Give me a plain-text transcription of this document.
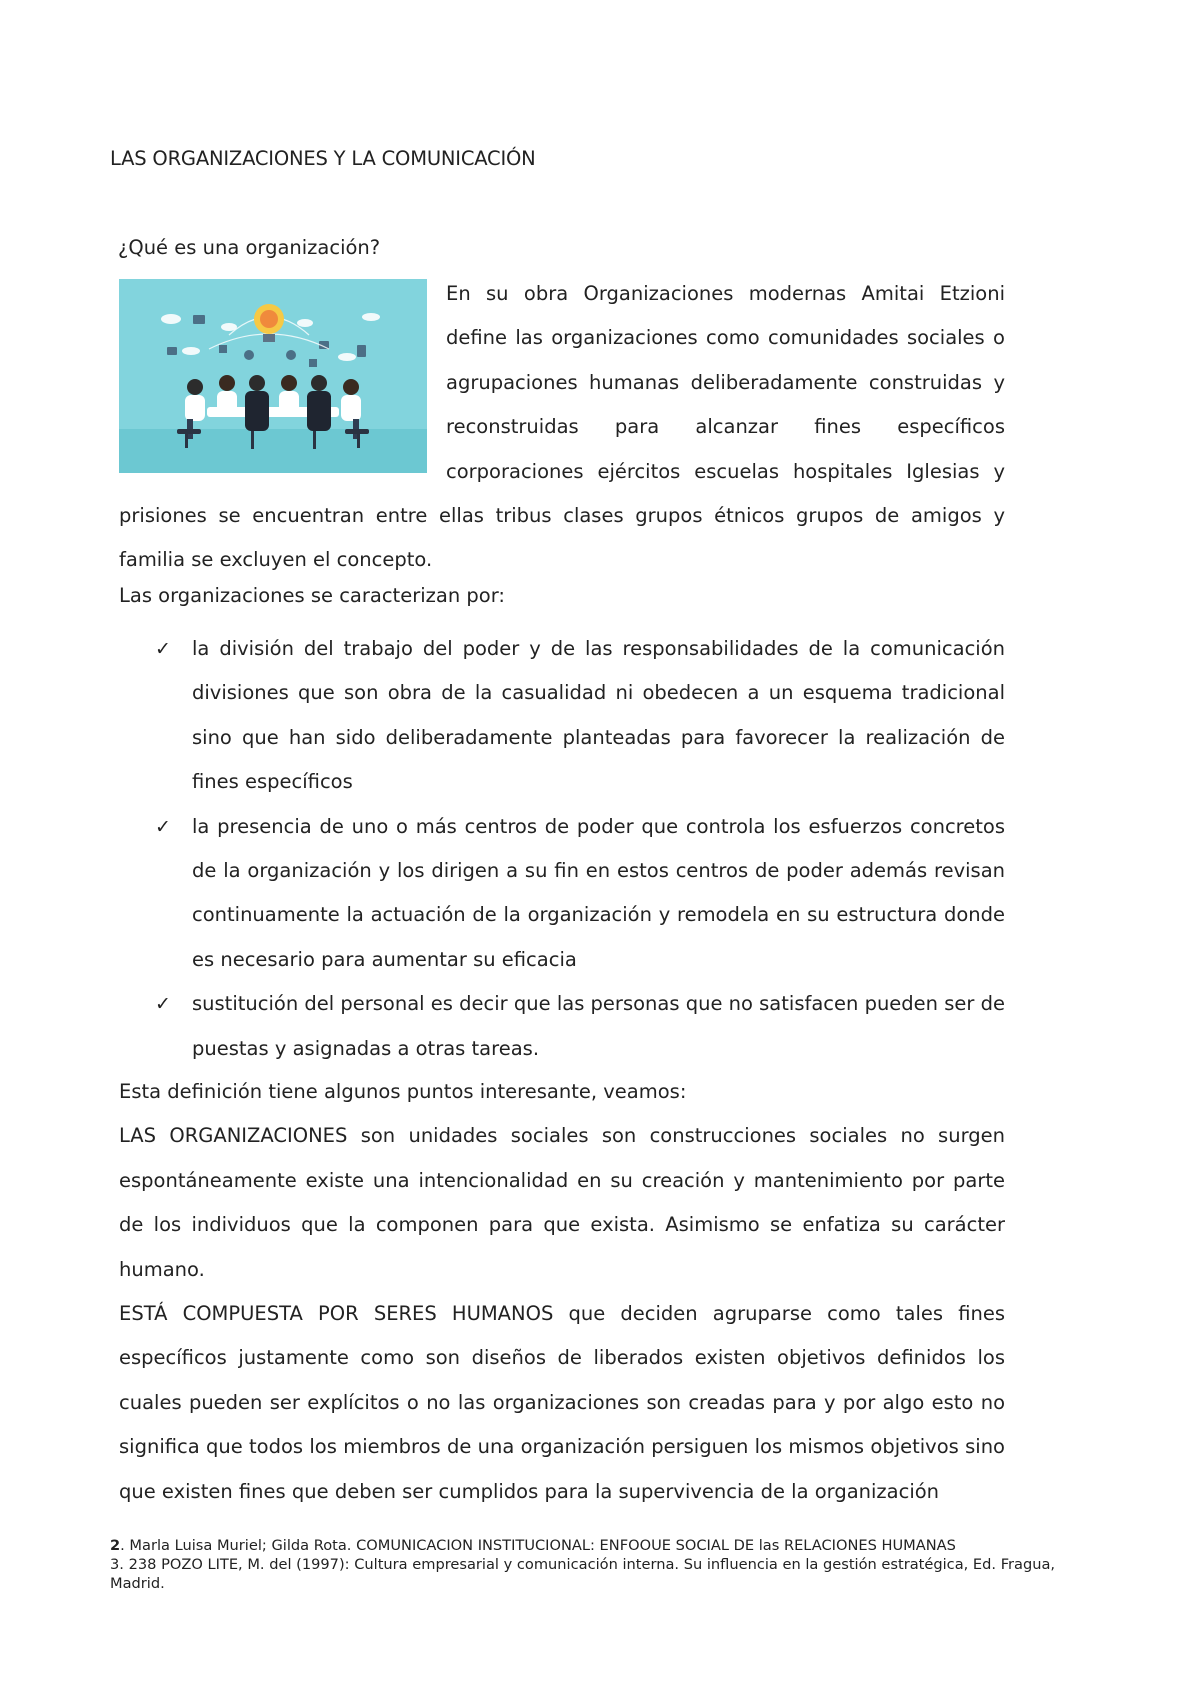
LAS ORGANIZACIONES Y LA COMUNICACIÓN
¿Qué es una organización?

En su obra Organizaciones modernas Amitai Etzioni define las organizaciones como comunidades sociales o agrupaciones humanas deliberadamente construidas y reconstruidas para alcanzar fines específicos corporaciones ejércitos escuelas hospitales Iglesias y prisiones se encuentran entre ellas tribus clases grupos étnicos grupos de amigos y familia se excluyen el concepto.

Las organizaciones se caracterizan por:
✓ la división del trabajo del poder y de las responsabilidades de la comunicación divisiones que son obra de la casualidad ni obedecen a un esquema tradicional sino que han sido deliberadamente planteadas para favorecer la realización de fines específicos
✓ la presencia de uno o más centros de poder que controla los esfuerzos concretos de la organización y los dirigen a su fin en estos centros de poder además revisan continuamente la actuación de la organización y remodela en su estructura donde es necesario para aumentar su eficacia
✓ sustitución del personal es decir que las personas que no satisfacen pueden ser de puestas y asignadas a otras tareas.

Esta definición tiene algunos puntos interesante, veamos:

LAS ORGANIZACIONES son unidades sociales son construcciones sociales no surgen espontáneamente existe una intencionalidad en su creación y mantenimiento por parte de los individuos que la componen para que exista. Asimismo se enfatiza su carácter humano.

ESTÁ COMPUESTA POR SERES HUMANOS que deciden agruparse como tales fines específicos justamente como son diseños de liberados existen objetivos definidos los cuales pueden ser explícitos o no las organizaciones son creadas para y por algo esto no significa que todos los miembros de una organización persiguen los mismos objetivos sino que existen fines que deben ser cumplidos para la supervivencia de la organización

2. Marla Luisa Muriel; Gilda Rota. COMUNICACION INSTITUCIONAL: ENFOOUE SOCIAL DE las RELACIONES HUMANAS

3. 238 POZO LITE, M. del (1997): Cultura empresarial y comunicación interna. Su influencia en la gestión estratégica, Ed. Fragua, Madrid.
